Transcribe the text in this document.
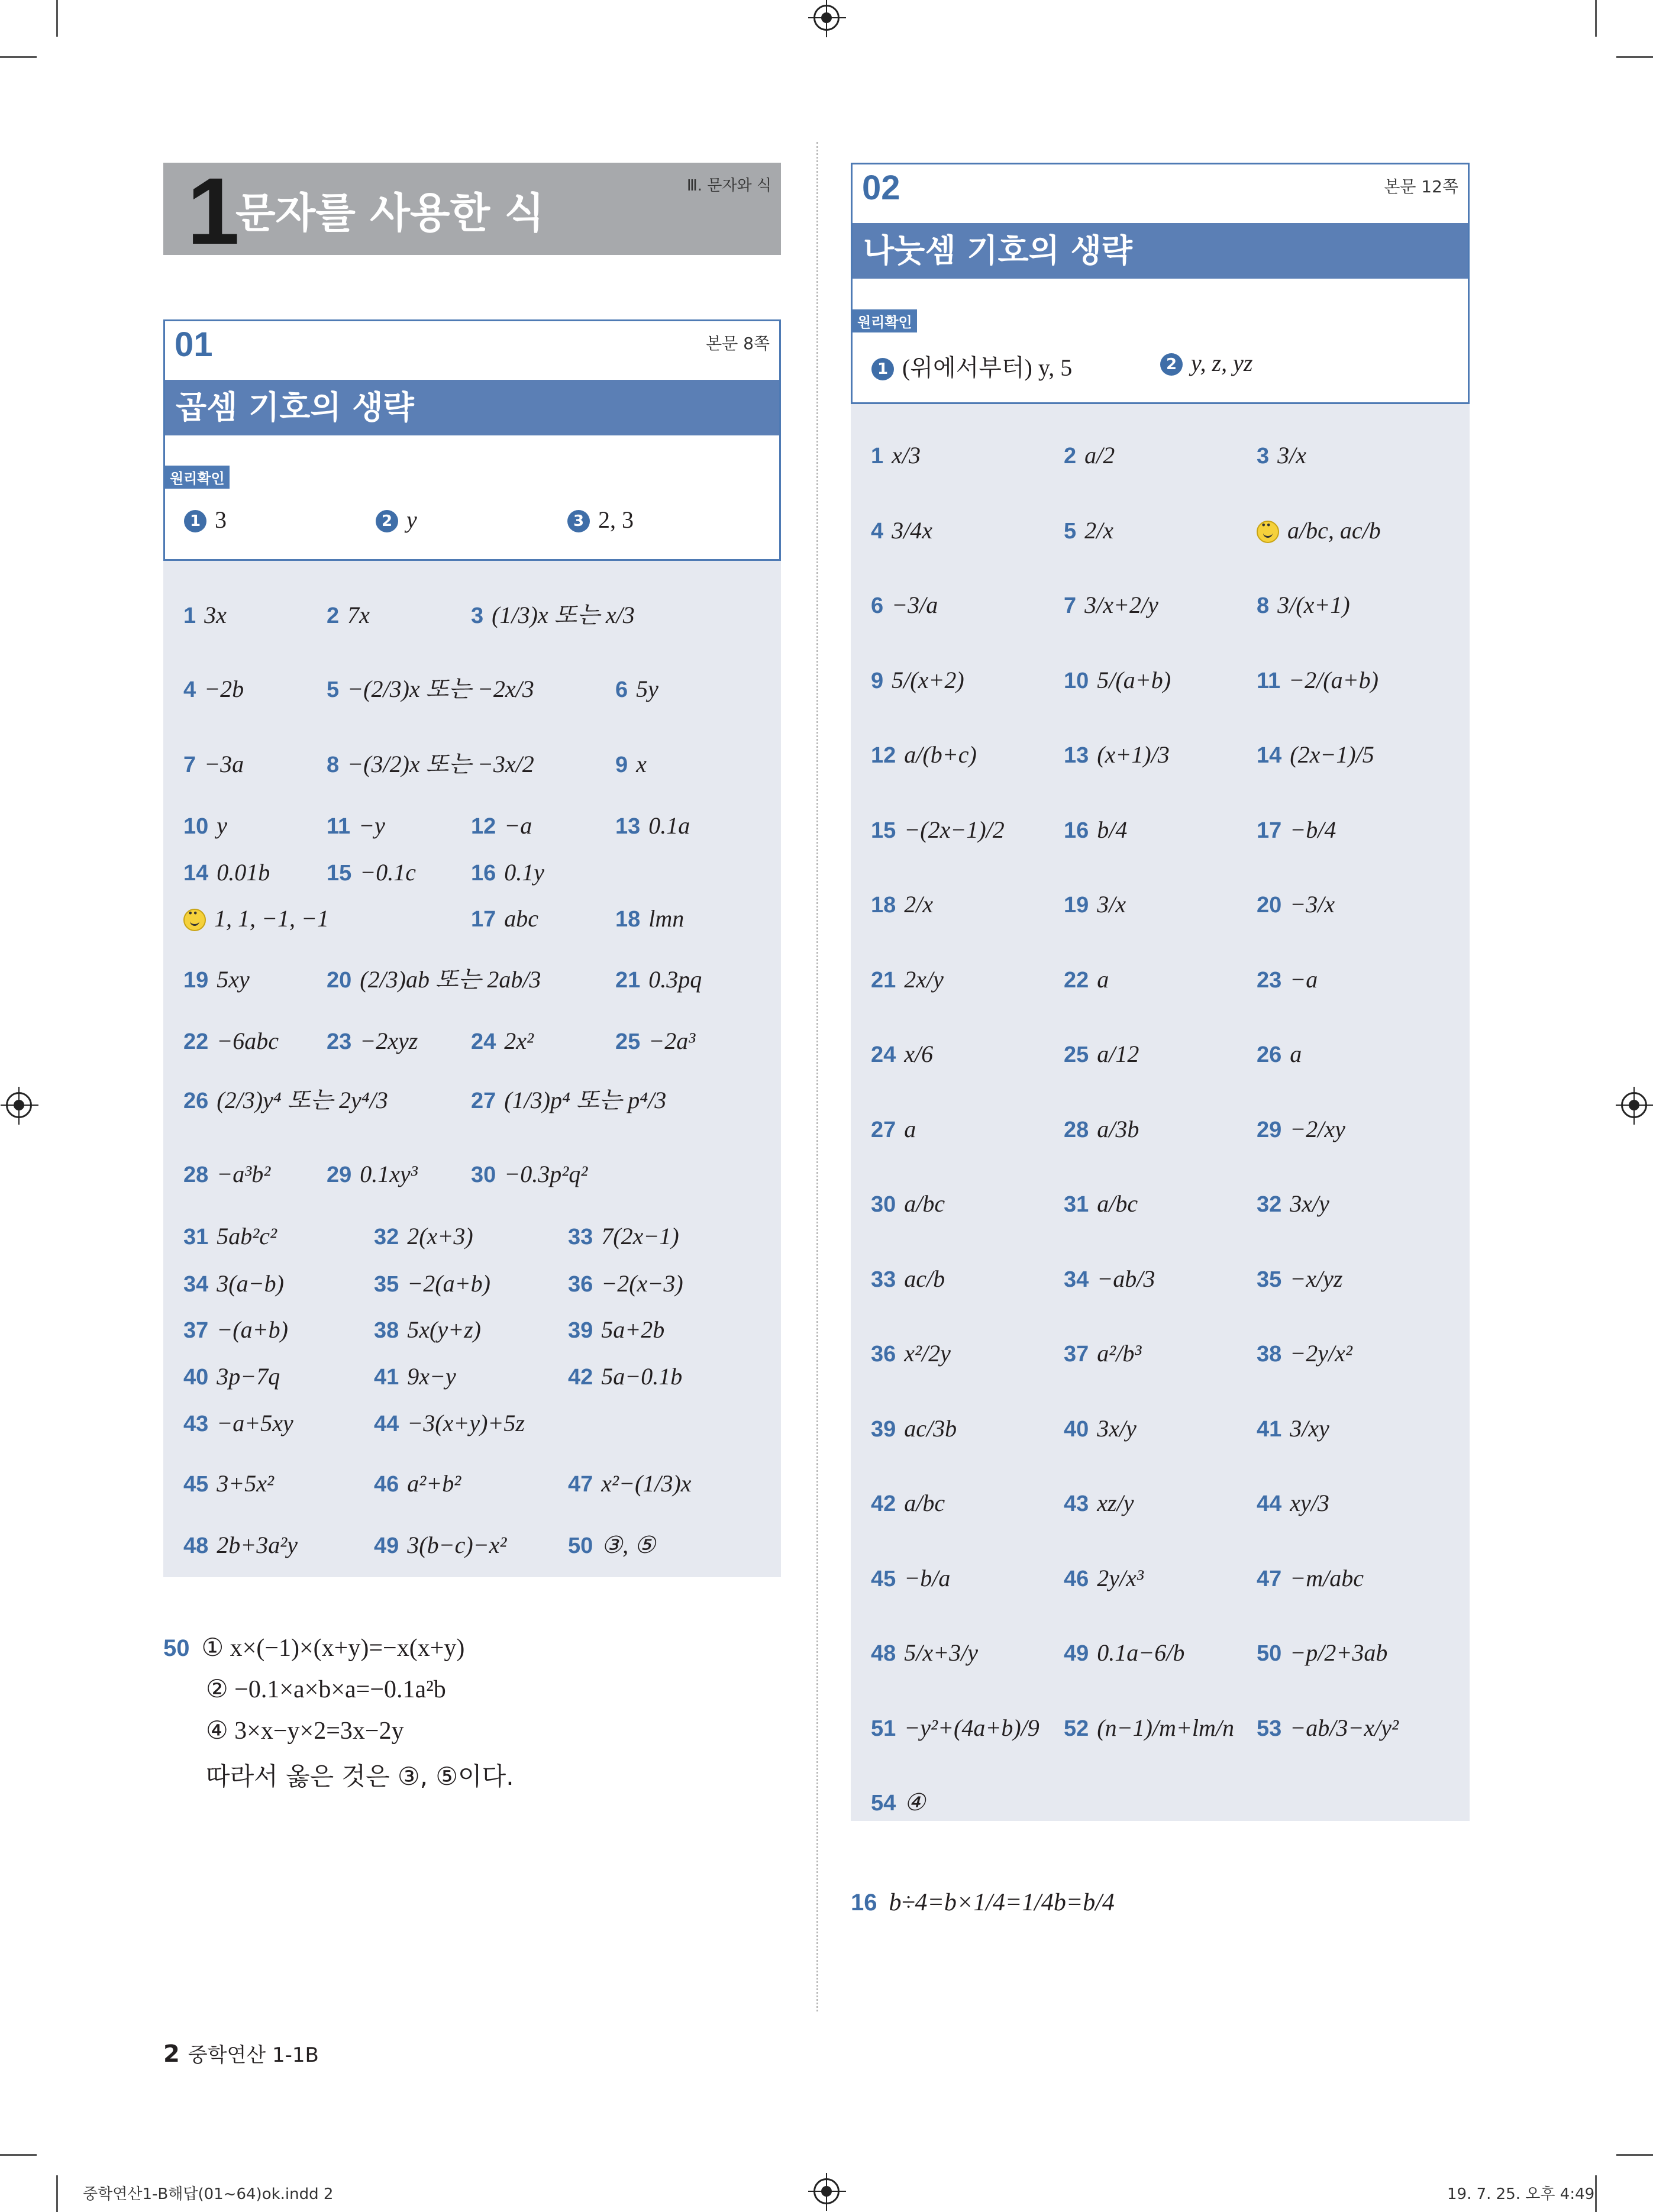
1
문자를 사용한 식
Ⅲ. 문자와 식
01	본문 8쪽
곱셈 기호의 생략
원리확인
1 3	2 y	3 2, 3
1 3x	2 7x	3 (1/3)x 또는 x/3
4 −2b	5 −(2/3)x 또는 −2x/3	6 5y
7 −3a	8 −(3/2)x 또는 −3x/2	9 x
10 y	11 −y	12 −a	13 0.1a
14 0.01b	15 −0.1c 16 0.1y
••1, 1, −1, −1	17 abc	18 lmn
19 5xy	20 (2/3)ab 또는 2ab/3	21 0.3pq
22 −6abc 23 −2xyz 24 2x²	25 −2a³
26 (2/3)y⁴ 또는 2y⁴/3	27 (1/3)p⁴ 또는 p⁴/3
28 −a³b² 29 0.1xy³ 30 −0.3p²q²
31 5ab²c²	32 2(x+3)	33 7(2x−1)
34 3(a−b)	35 −2(a+b)	36 −2(x−3)
37 −(a+b)	38 5x(y+z)	39 5a+2b
40 3p−7q	41 9x−y	42 5a−0.1b
43 −a+5xy	44 −3(x+y)+5z
45 3+5x²	46 a²+b²	47 x²−(1/3)x
48 2b+3a²y	49 3(b−c)−x²	50 ③, ⑤
50 ① x×(−1)×(x+y)=−x(x+y)
② −0.1×a×b×a=−0.1a²b
④ 3×x−y×2=3x−2y
따라서 옳은 것은 ③, ⑤이다.
02	본문 12쪽
나눗셈 기호의 생략
원리확인
1 (위에서부터) y, 5	2 y, z, yz
1 x/3	2 a/2	3 3/x
4 3/4x	5 2/x
••	a/bc, ac/b
6 −3/a	7 3/x+2/y	8 3/(x+1)
9 5/(x+2)	10 5/(a+b)	11 −2/(a+b)
12 a/(b+c)	13 (x+1)/3	14 (2x−1)/5
15 −(2x−1)/2	16 b/4	17 −b/4
18 2/x	19 3/x	20 −3/x
21 2x/y	22 a	23 −a
24 x/6	25 a/12	26 a
27 a	28 a/3b	29 −2/xy
30 a/bc	31 a/bc	32 3x/y
33 ac/b	34 −ab/3	35 −x/yz
36 x²/2y	37 a²/b³	38 −2y/x²
39 ac/3b	40 3x/y	41 3/xy
42 a/bc	43 xz/y	44 xy/3
45 −b/a	46 2y/x³	47 −m/abc
48 5/x+3/y	49 0.1a−6/b	50 −p/2+3ab
51 −y²+(4a+b)/9 52 (n−1)/m+lm/n 53 −ab/3−x/y²
54 ④
16 b÷4=b×1/4=1/4b=b/4
2 중학연산 1-1B
중학연산1-B해답(01~64)ok.indd 2	19. 7. 25. 오후 4:49
